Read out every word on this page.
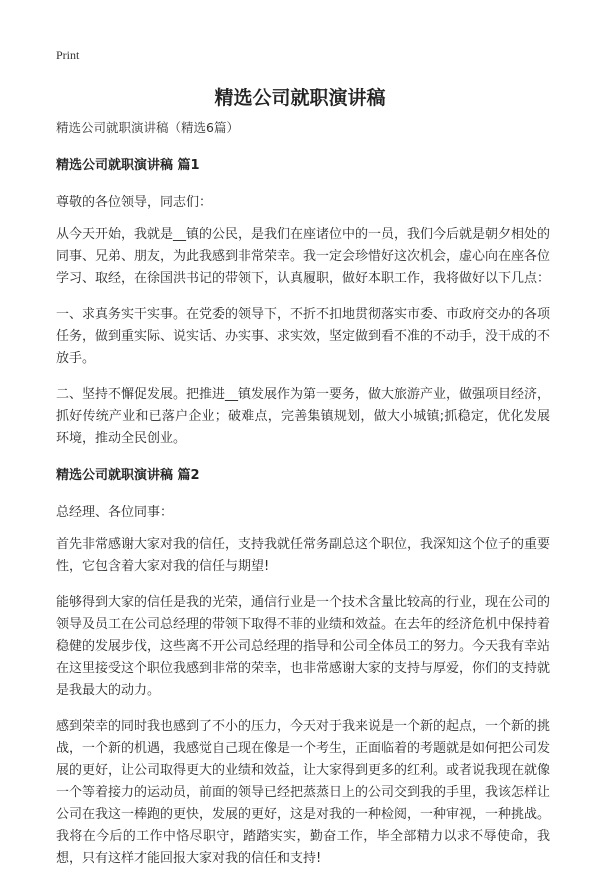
Print
精选公司就职演讲稿

精选公司就职演讲稿（精选6篇）

精选公司就职演讲稿 篇1

尊敬的各位领导，同志们：

从今天开始，我就是__镇的公民，是我们在座诸位中的一员，我们今后就是朝夕相处的同事、兄弟、朋友，为此我感到非常荣幸。我一定会珍惜好这次机会，虚心向在座各位学习、取经，在徐国洪书记的带领下，认真履职，做好本职工作，我将做好以下几点：

一、求真务实干实事。在党委的领导下，不折不扣地贯彻落实市委、市政府交办的各项任务，做到重实际、说实话、办实事、求实效，坚定做到看不准的不动手，没干成的不放手。

二、坚持不懈促发展。把推进__镇发展作为第一要务，做大旅游产业，做强项目经济，抓好传统产业和已落户企业；破难点，完善集镇规划，做大小城镇;抓稳定，优化发展环境，推动全民创业。

精选公司就职演讲稿 篇2

总经理、各位同事：

首先非常感谢大家对我的信任，支持我就任常务副总这个职位，我深知这个位子的重要性，它包含着大家对我的信任与期望!

能够得到大家的信任是我的光荣，通信行业是一个技术含量比较高的行业，现在公司的领导及员工在公司总经理的带领下取得不菲的业绩和效益。在去年的经济危机中保持着稳健的发展步伐，这些离不开公司总经理的指导和公司全体员工的努力。今天我有幸站在这里接受这个职位我感到非常的荣幸，也非常感谢大家的支持与厚爱，你们的支持就是我最大的动力。

感到荣幸的同时我也感到了不小的压力，今天对于我来说是一个新的起点，一个新的挑战，一个新的机遇，我感觉自己现在像是一个考生，正面临着的考题就是如何把公司发展的更好，让公司取得更大的业绩和效益，让大家得到更多的红利。或者说我现在就像一个等着接力的运动员，前面的领导已经把蒸蒸日上的公司交到我的手里，我该怎样让公司在我这一棒跑的更快，发展的更好，这是对我的一种检阅，一种审视，一种挑战。我将在今后的工作中恪尽职守，踏踏实实，勤奋工作，毕全部精力以求不辱使命，我想，只有这样才能回报大家对我的信任和支持!
